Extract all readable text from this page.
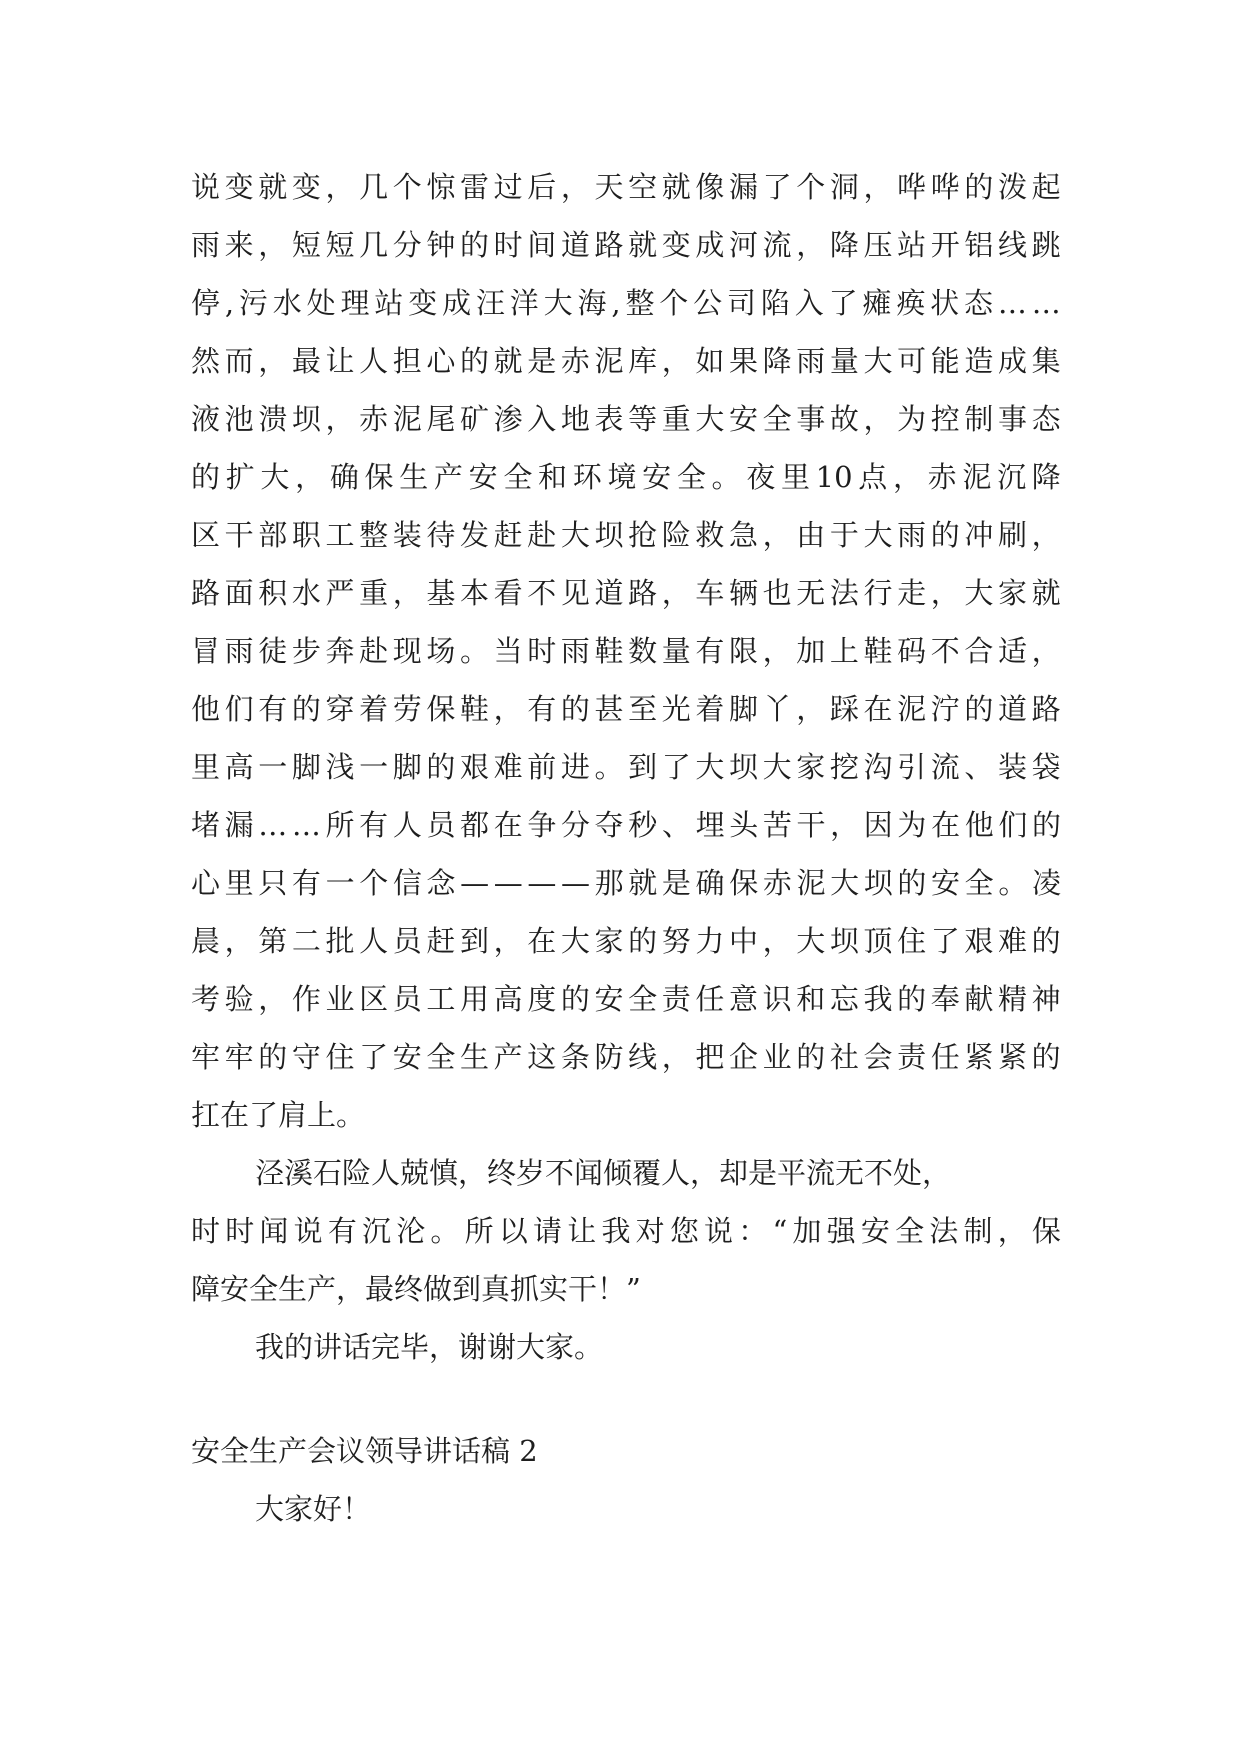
说 变 就 变 ， 几 个 惊 雷 过 后 ， 天 空 就 像 漏 了 个 洞 ， 哗 哗 的 泼 起
雨 来 ， 短 短 几 分 钟 的 时 间 道 路 就 变 成 河 流 ， 降 压 站 开 铝 线 跳
停 , 污 水 处 理 站 变 成 汪 洋 大 海 , 整 个 公 司 陷 入 了 瘫 痪 状 态 … …
然 而 ， 最 让 人 担 心 的 就 是 赤 泥 库 ， 如 果 降 雨 量 大 可 能 造 成 集
液 池 溃 坝 ， 赤 泥 尾 矿 渗 入 地 表 等 重 大 安 全 事 故 ， 为 控 制 事 态
的 扩 大 ， 确 保 生 产 安 全 和 环 境 安 全 。 夜 里 10 点 ， 赤 泥 沉 降
区 干 部 职 工 整 装 待 发 赶 赴 大 坝 抢 险 救 急 ， 由 于 大 雨 的 冲 刷 ，
路 面 积 水 严 重 ， 基 本 看 不 见 道 路 ， 车 辆 也 无 法 行 走 ， 大 家 就
冒 雨 徒 步 奔 赴 现 场 。 当 时 雨 鞋 数 量 有 限 ， 加 上 鞋 码 不 合 适 ，
他 们 有 的 穿 着 劳 保 鞋 ， 有 的 甚 至 光 着 脚 丫 ， 踩 在 泥 泞 的 道 路
里 高 一 脚 浅 一 脚 的 艰 难 前 进 。 到 了 大 坝 大 家 挖 沟 引 流 、 装 袋
堵 漏 … … 所 有 人 员 都 在 争 分 夺 秒 、 埋 头 苦 干 ， 因 为 在 他 们 的
心 里 只 有 一 个 信 念 — — — — 那 就 是 确 保 赤 泥 大 坝 的 安 全 。 凌
晨 ， 第 二 批 人 员 赶 到 ， 在 大 家 的 努 力 中 ， 大 坝 顶 住 了 艰 难 的
考 验 ， 作 业 区 员 工 用 高 度 的 安 全 责 任 意 识 和 忘 我 的 奉 献 精 神
牢 牢 的 守 住 了 安 全 生 产 这 条 防 线 ， 把 企 业 的 社 会 责 任 紧 紧 的
扛在了肩上。
泾溪石险人兢慎，终岁不闻倾覆人，却是平流无不处，
时 时 闻 说 有 沉 沦 。 所 以 请 让 我 对 您 说 ： “ 加 强 安 全 法 制 ， 保
障安全生产，最终做到真抓实干！”
我的讲话完毕，谢谢大家。
安全生产会议领导讲话稿 2
大家好！
